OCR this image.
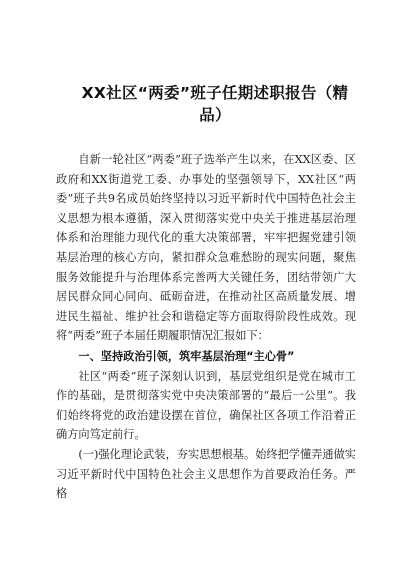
XX社区“两委”班子任期述职报告（精品）

自新一轮社区“两委”班子选举产生以来，在XX区委、区政府和XX街道党工委、办事处的坚强领导下，XX社区“两委”班子共9名成员始终坚持以习近平新时代中国特色社会主义思想为根本遵循，深入贯彻落实党中央关于推进基层治理体系和治理能力现代化的重大决策部署，牢牢把握党建引领基层治理的核心方向，紧扣群众急难愁盼的现实问题，聚焦服务效能提升与治理体系完善两大关键任务，团结带领广大居民群众同心同向、砥砺奋进，在推动社区高质量发展、增进民生福祉、维护社会和谐稳定等方面取得阶段性成效。现将“两委”班子本届任期履职情况汇报如下：

一、坚持政治引领，筑牢基层治理“主心骨”

社区“两委”班子深刻认识到，基层党组织是党在城市工作的基础，是贯彻落实党中央决策部署的“最后一公里”。我们始终将党的政治建设摆在首位，确保社区各项工作沿着正确方向笃定前行。

(一)强化理论武装，夯实思想根基。始终把学懂弄通做实习近平新时代中国特色社会主义思想作为首要政治任务。严格
